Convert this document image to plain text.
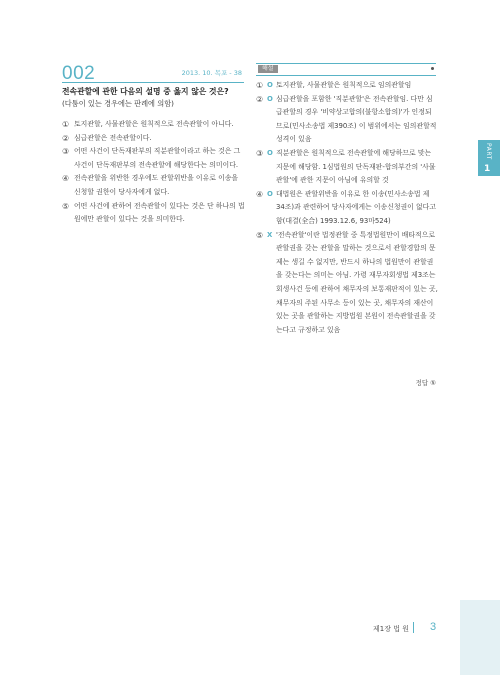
002	2013. 10. 목포 - 38
전속관할에 관한 다음의 설명 중 옳지 않은 것은?
(다툼이 있는 경우에는 판례에 의함)
① 토지관할, 사물관할은 원칙적으로 전속관할이 아니다.
② 심급관할은 전속관할이다.
③ 어떤 사건이 단독재판부의 직분관할이라고 하는 것은 그 사건이 단독재판부의 전속관할에 해당한다는 의미이다.
④ 전속관할을 위반한 경우에도 관할위반을 이유로 이송을 신청할 권한이 당사자에게 없다.
⑤ 어떤 사건에 관하여 전속관할이 있다는 것은 단 하나의 법원에만 관할이 있다는 것을 의미한다.
해설
① O 토지관할, 사물관할은 원칙적으로 임의관할임
② O 심급관할을 포함한 '직분관할'은 전속관할임. 다만 심급관할의 경우 '비약상고합의(불항소합의)'가 인정되므로(민사소송법 제390조) 이 범위에서는 임의관할적 성격이 있음
③ O 직분관할은 원칙적으로 전속관할에 해당하므로 맞는 지문에 해당함. 1심법원의 단독재판-합의부간의 '사물관할'에 관한 지문이 아님에 유의할 것
④ O 대법원은 관할위반을 이유로 한 이송(민사소송법 제34조)과 관련하여 당사자에게는 이송신청권이 없다고 함(대결(全合) 1993.12.6, 93마524)
⑤ X '전속관할'이란 법정관할 중 특정법원만이 배타적으로 관할권을 갖는 관할을 말하는 것으로서 관할경합의 문제는 생길 수 없지만, 반드시 하나의 법원만이 관할권을 갖는다는 의미는 아님. 가령 재무자회생법 제3조는 회생사건 등에 관하여 채무자의 보통재판적이 있는 곳, 채무자의 주된 사무소 등이 있는 곳, 채무자의 재산이 있는 곳을 관할하는 지방법원 본원이 전속관할권을 갖는다고 규정하고 있음
정답 ⑤
PART
1
제1장 법 원 3
